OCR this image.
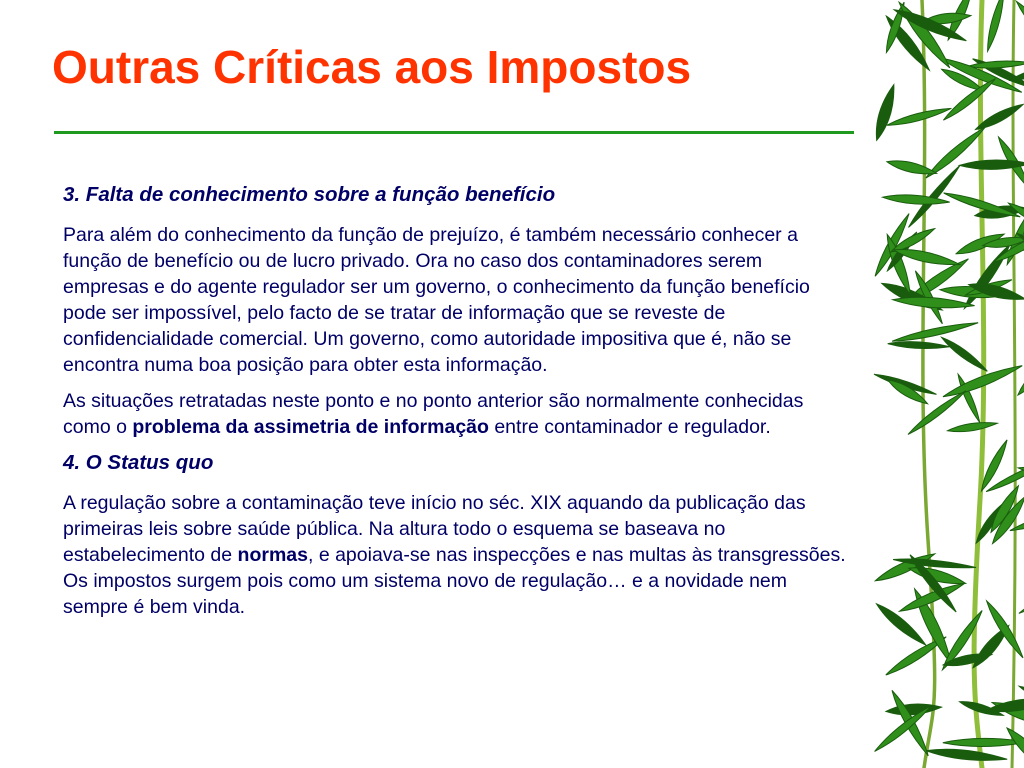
Outras Críticas aos Impostos

3. Falta de conhecimento sobre a função benefício

Para além do conhecimento da função de prejuízo, é também necessário conhecer a função de benefício ou de lucro privado. Ora no caso dos contaminadores serem empresas e do agente regulador ser um governo, o conhecimento da função benefício pode ser impossível, pelo facto de se tratar de informação que se reveste de confidencialidade comercial. Um governo, como autoridade impositiva que é, não se encontra numa boa posição para obter esta informação.

As situações retratadas neste ponto e no ponto anterior são normalmente conhecidas como o problema da assimetria de informação entre contaminador e regulador.

4. O Status quo

A regulação sobre a contaminação teve início no séc. XIX aquando da publicação das primeiras leis sobre saúde pública. Na altura todo o esquema se baseava no estabelecimento de normas, e apoiava-se nas inspecções e nas multas às transgressões. Os impostos surgem pois como um sistema novo de regulação… e a novidade nem sempre é bem vinda.
